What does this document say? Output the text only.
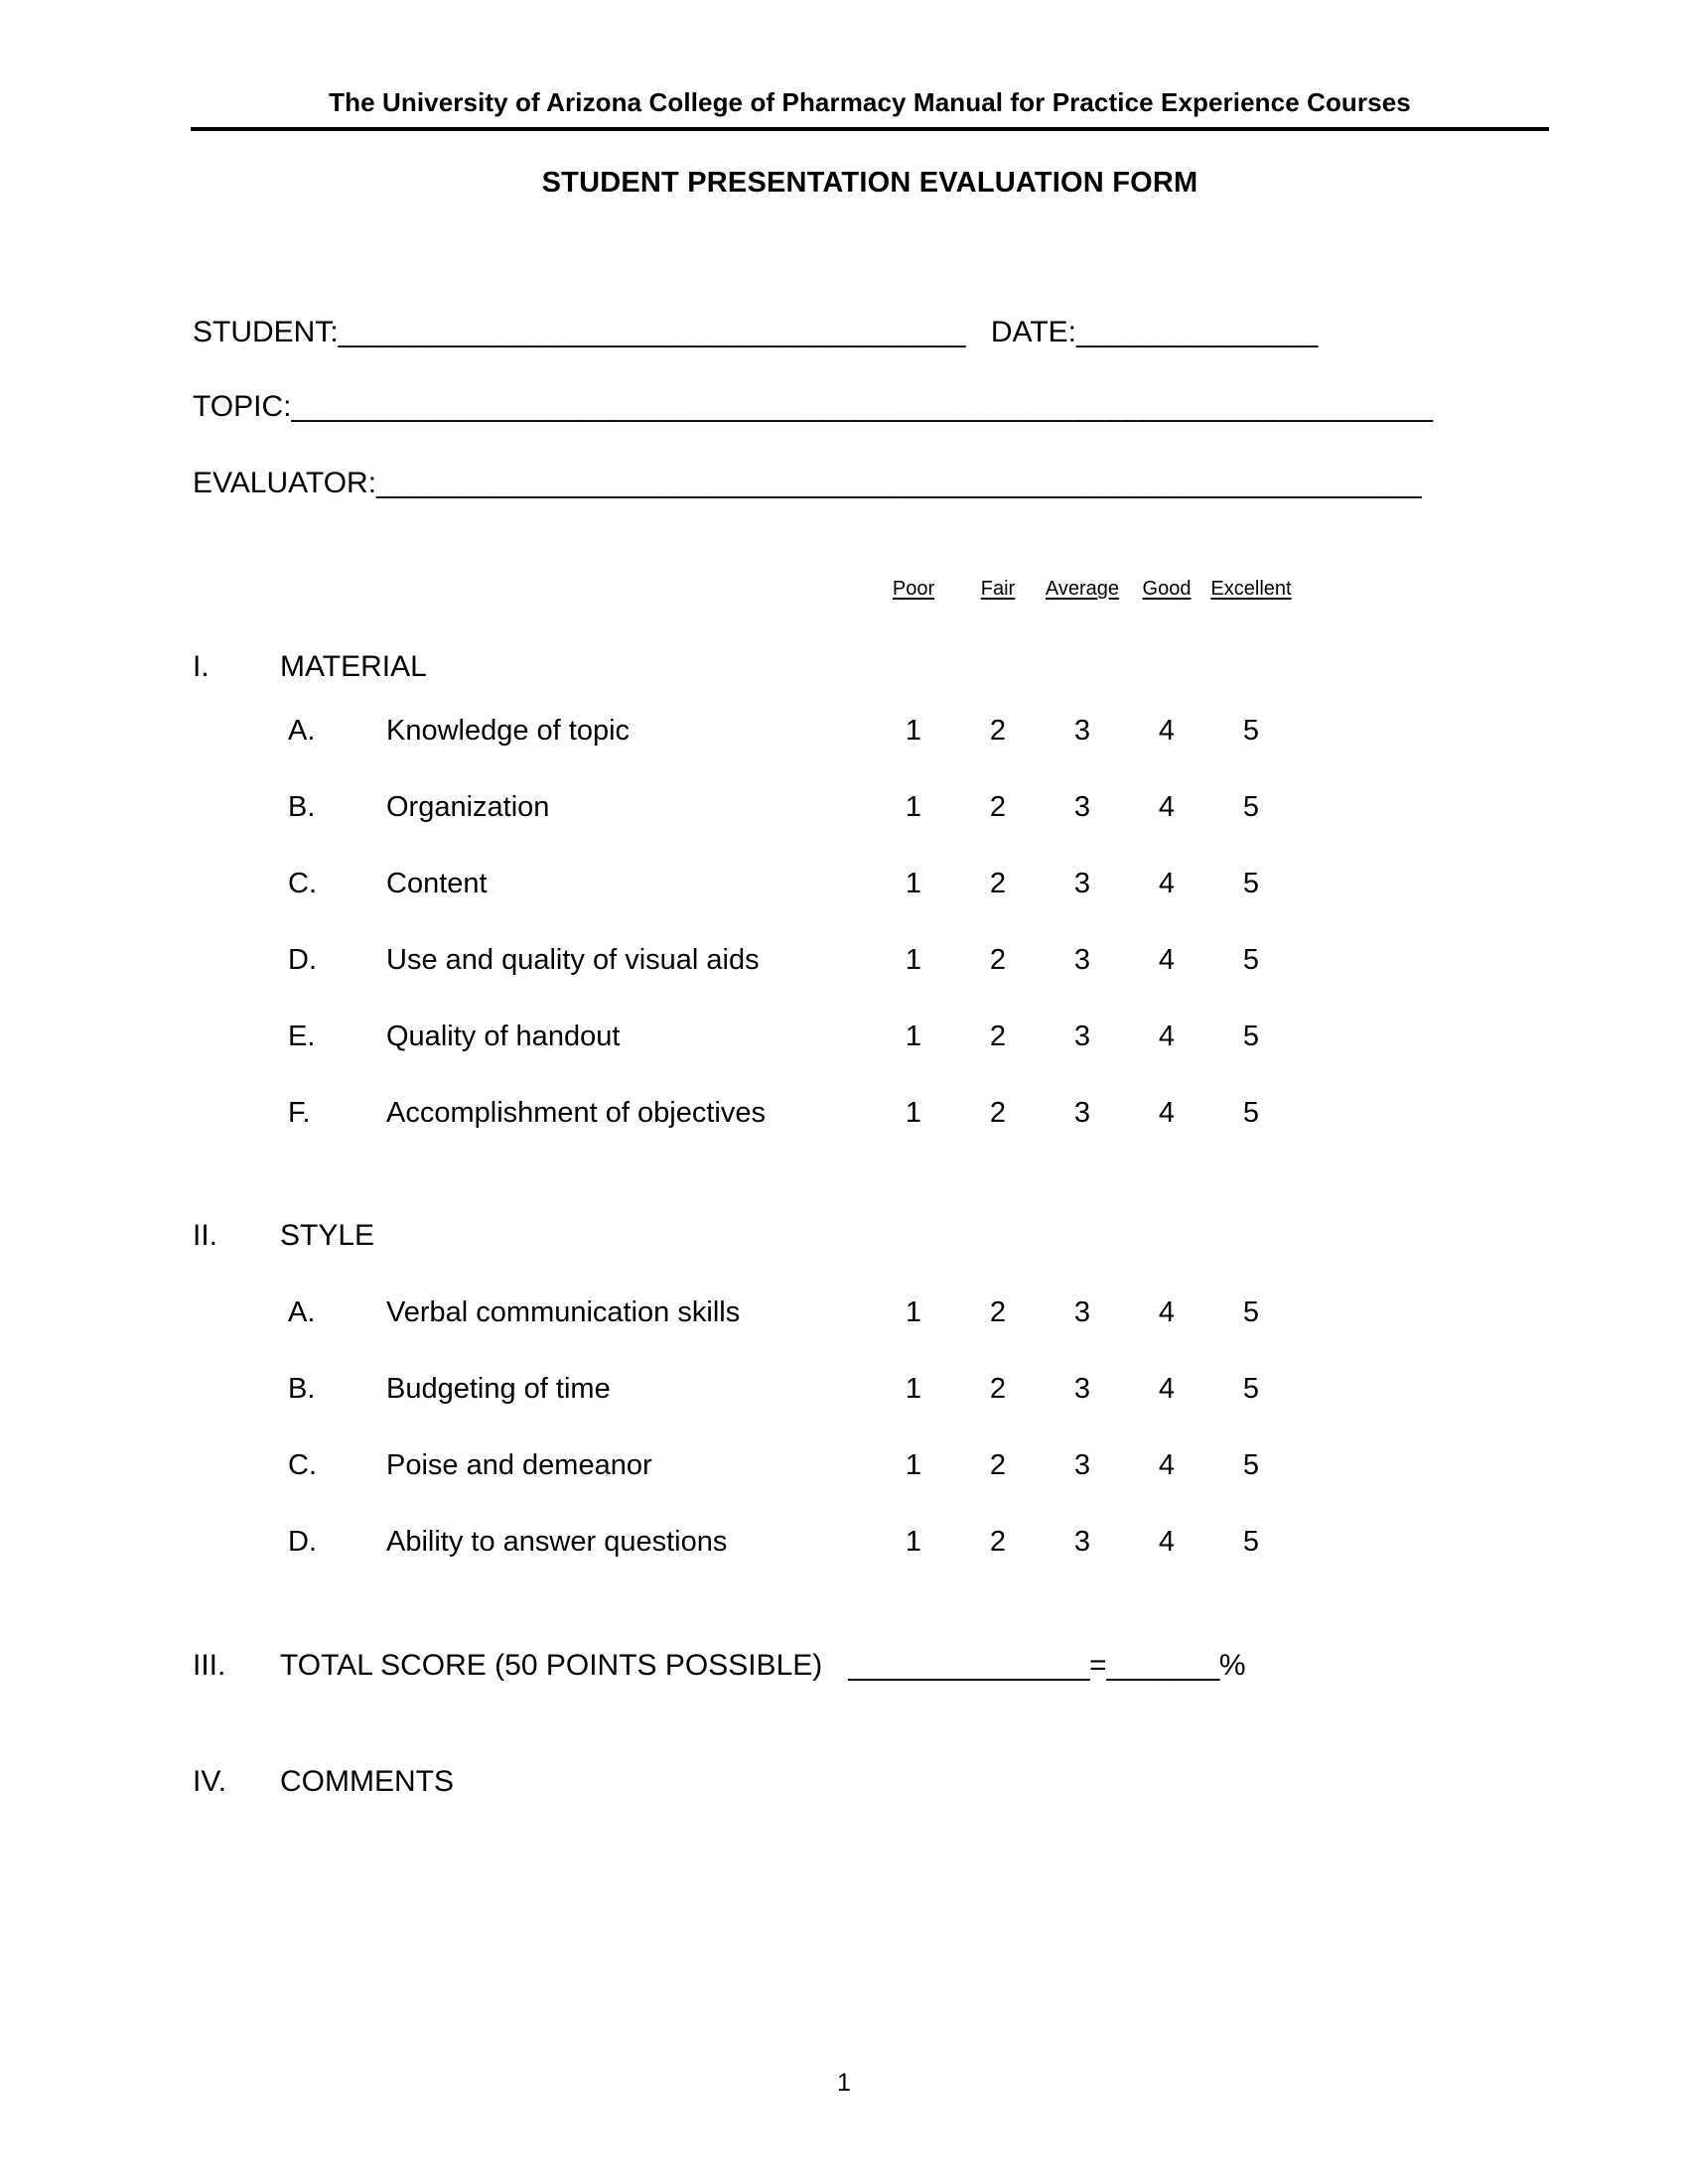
The University of Arizona College of Pharmacy Manual for Practice Experience Courses
STUDENT PRESENTATION EVALUATION FORM
STUDENT:_______________________________________ DATE:_______________
TOPIC:_______________________________________________________________________
EVALUATOR:_________________________________________________________________
Poor	Fair	Average	Good Excellent
I. MATERIAL
II. STYLE
A. Knowledge of topic	1	2	3	4	5
B. Organization	1	2	3	4	5
C. Content	1	2	3	4	5
D. Use and quality of visual aids	1	2	3	4	5
E. Quality of handout	1	2	3	4	5
F.	Accomplishment of objectives	1	2	3	4	5
A. Verbal communication skills	1	2	3	4	5
B. Budgeting of time	1	2	3	4	5
C. Poise and demeanor	1	2	3	4	5
D. Ability to answer questions	1	2	3	4	5
III. TOTAL SCORE (50 POINTS POSSIBLE) _______________=_______%
IV. COMMENTS
1
